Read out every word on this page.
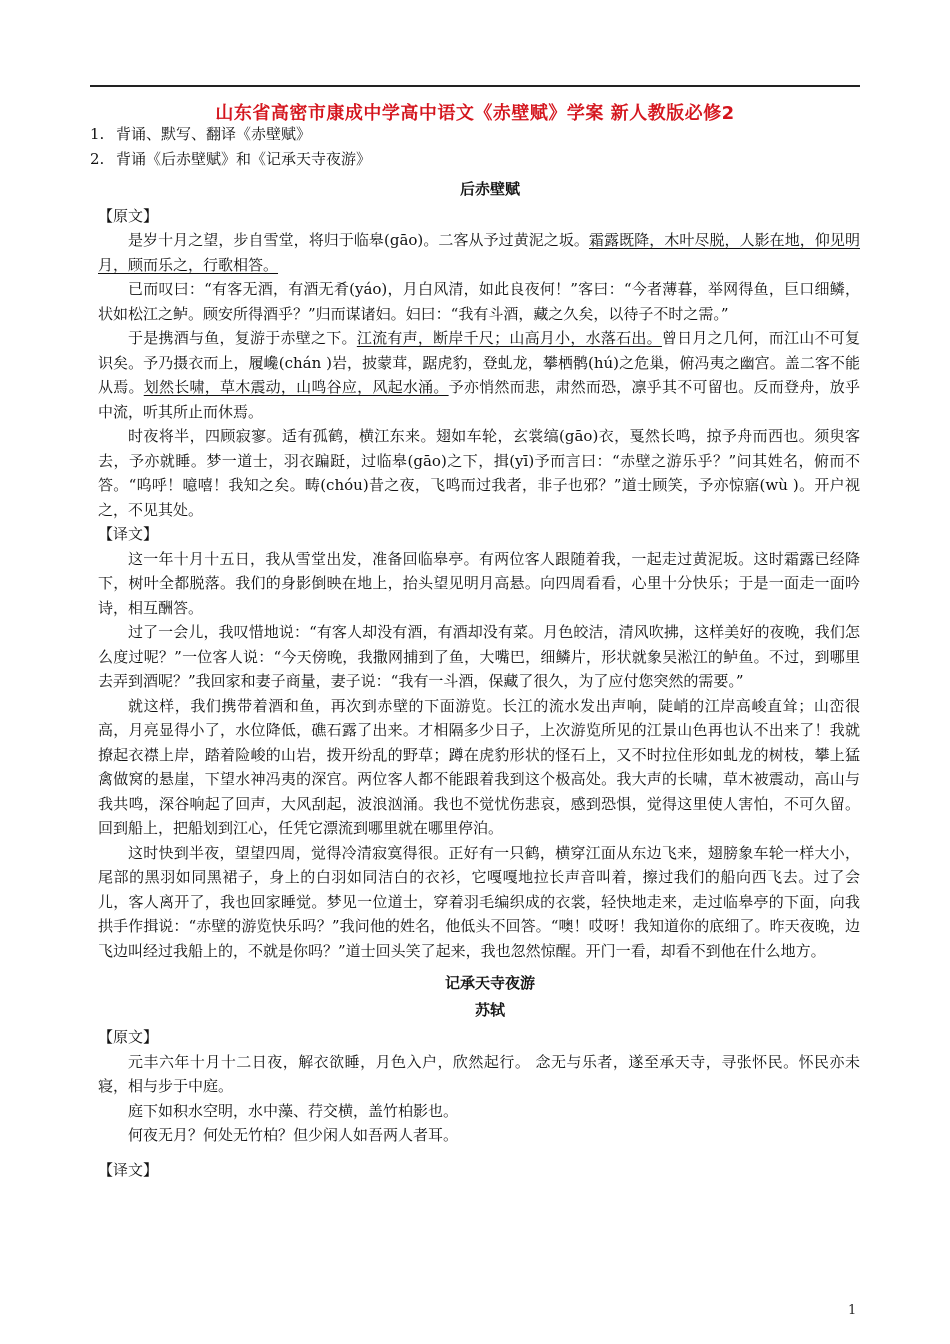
山东省高密市康成中学高中语文《赤壁赋》学案 新人教版必修2

1. 背诵、默写、翻译《赤壁赋》

2. 背诵《后赤壁赋》和《记承天寺夜游》

后赤壁赋

【原文】

是岁十月之望，步自雪堂，将归于临皋(gāo)。二客从予过黄泥之坂。霜露既降，木叶尽脱，人影在地，仰见明月，顾而乐之，行歌相答。

已而叹曰：“有客无酒，有酒无肴(yáo)，月白风清，如此良夜何！”客曰：“今者薄暮，举网得鱼，巨口细鳞，状如松江之鲈。顾安所得酒乎？”归而谋诸妇。妇曰：“我有斗酒，藏之久矣，以待子不时之需。”

于是携酒与鱼，复游于赤壁之下。江流有声，断岸千尺；山高月小，水落石出。曾日月之几何，而江山不可复识矣。予乃摄衣而上，履巉(chán )岩，披蒙茸，踞虎豹，登虬龙，攀栖鹘(hú)之危巢，俯冯夷之幽宫。盖二客不能从焉。划然长啸，草木震动，山鸣谷应，风起水涌。予亦悄然而悲，肃然而恐，凛乎其不可留也。反而登舟，放乎中流，听其所止而休焉。

时夜将半，四顾寂寥。适有孤鹤，横江东来。翅如车轮，玄裳缟(gāo)衣，戛然长鸣，掠予舟而西也。须臾客去，予亦就睡。梦一道士，羽衣蹁跹，过临皋(gāo)之下，揖(yī)予而言曰：“赤壁之游乐乎？”问其姓名，俯而不答。“呜呼！噫嘻！我知之矣。畴(chóu)昔之夜，飞鸣而过我者，非子也邪？”道士顾笑，予亦惊寤(wù )。开户视之，不见其处。

【译文】

这一年十月十五日，我从雪堂出发，准备回临皋亭。有两位客人跟随着我，一起走过黄泥坂。这时霜露已经降下，树叶全都脱落。我们的身影倒映在地上，抬头望见明月高悬。向四周看看，心里十分快乐；于是一面走一面吟诗，相互酬答。

过了一会儿，我叹惜地说：“有客人却没有酒，有酒却没有菜。月色皎洁，清风吹拂，这样美好的夜晚，我们怎么度过呢？”一位客人说：“今天傍晚，我撒网捕到了鱼，大嘴巴，细鳞片，形状就象吴淞江的鲈鱼。不过，到哪里去弄到酒呢？”我回家和妻子商量，妻子说：“我有一斗酒，保藏了很久，为了应付您突然的需要。”

就这样，我们携带着酒和鱼，再次到赤壁的下面游览。长江的流水发出声响，陡峭的江岸高峻直耸；山峦很高，月亮显得小了，水位降低，礁石露了出来。才相隔多少日子，上次游览所见的江景山色再也认不出来了！我就撩起衣襟上岸，踏着险峻的山岩，拨开纷乱的野草；蹲在虎豹形状的怪石上，又不时拉住形如虬龙的树枝，攀上猛禽做窝的悬崖，下望水神冯夷的深宫。两位客人都不能跟着我到这个极高处。我大声的长啸，草木被震动，高山与我共鸣，深谷响起了回声，大风刮起，波浪汹涌。我也不觉忧伤悲哀，感到恐惧，觉得这里使人害怕，不可久留。回到船上，把船划到江心，任凭它漂流到哪里就在哪里停泊。

这时快到半夜，望望四周，觉得冷清寂寞得很。正好有一只鹤，横穿江面从东边飞来，翅膀象车轮一样大小，尾部的黑羽如同黑裙子，身上的白羽如同洁白的衣衫，它嘎嘎地拉长声音叫着，擦过我们的船向西飞去。过了会儿，客人离开了，我也回家睡觉。梦见一位道士，穿着羽毛编织成的衣裳，轻快地走来，走过临皋亭的下面，向我拱手作揖说：“赤壁的游览快乐吗？”我问他的姓名，他低头不回答。“噢！哎呀！我知道你的底细了。昨天夜晚，边飞边叫经过我船上的，不就是你吗？”道士回头笑了起来，我也忽然惊醒。开门一看，却看不到他在什么地方。

记承天寺夜游
苏轼

【原文】

元丰六年十月十二日夜，解衣欲睡，月色入户，欣然起行。 念无与乐者，遂至承天寺，寻张怀民。怀民亦未寝，相与步于中庭。

庭下如积水空明，水中藻、荇交横，盖竹柏影也。

何夜无月？何处无竹柏？但少闲人如吾两人者耳。

【译文】

1
